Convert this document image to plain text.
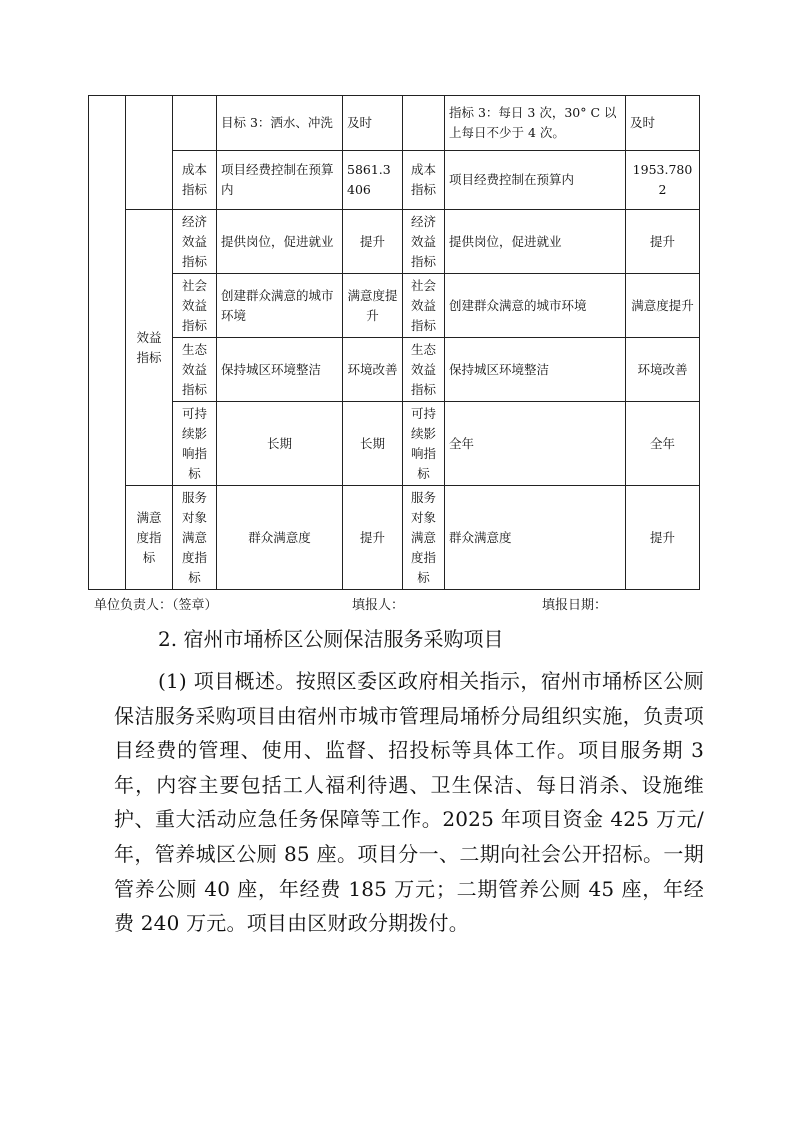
			目标 3：洒水、冲洗	及时		指标 3：每日 3 次，30° C 以上每日不少于 4 次。	及时
		成本指标	项目经费控制在预算内	5861.3406	成本指标	项目经费控制在预算内	1953.7802
	效益指标	经济效益指标	提供岗位，促进就业	提升	经济效益指标	提供岗位，促进就业	提升
		社会效益指标	创建群众满意的城市环境	满意度提升	社会效益指标	创建群众满意的城市环境	满意度提升
		生态效益指标	保持城区环境整洁	环境改善	生态效益指标	保持城区环境整洁	环境改善
		可持续影响指标	长期	长期	可持续影响指标	全年	全年
	满意度指标	服务对象满意度指标	群众满意度	提升	服务对象满意度指标	群众满意度	提升
单位负责人：（签章）	填报人：	填报日期：
2. 宿州市埇桥区公厕保洁服务采购项目
(1) 项目概述。按照区委区政府相关指示，宿州市埇桥区公厕保洁服务采购项目由宿州市城市管理局埇桥分局组织实施，负责项目经费的管理、使用、监督、招投标等具体工作。项目服务期 3 年，内容主要包括工人福利待遇、卫生保洁、每日消杀、设施维护、重大活动应急任务保障等工作。2025 年项目资金 425 万元/年，管养城区公厕 85 座。项目分一、二期向社会公开招标。一期管养公厕 40 座，年经费 185 万元；二期管养公厕 45 座，年经费 240 万元。项目由区财政分期拨付。
